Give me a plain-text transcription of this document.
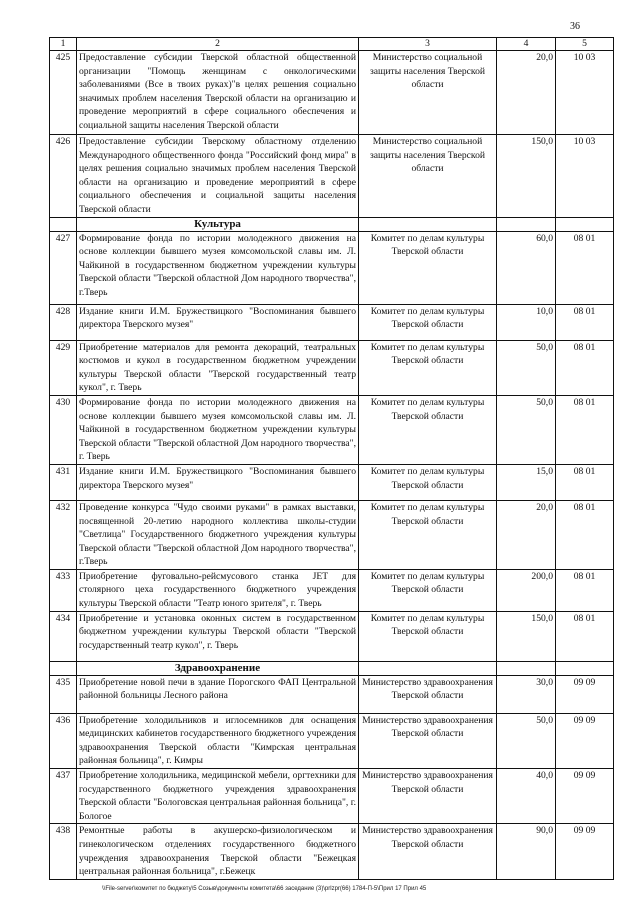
36
1	2	3	4	5
425	Предоставление субсидии Тверской областной общественной организации "Помощь женщинам с онкологическими заболеваниями (Все в твоих руках)"в целях решения социально значимых проблем населения Тверской области на организацию и проведение мероприятий в сфере социального обеспечения и социальной защиты населения Тверской области	Министерство социальной защиты населения Тверской области	20,0	10 03
426	Предоставление субсидии Тверскому областному отделению Международного общественного фонда "Российский фонд мира" в целях решения социально значимых проблем населения Тверской области на организацию и проведение мероприятий в сфере социального обеспечения и социальной защиты населения Тверской области	Министерство социальной защиты населения Тверской области	150,0	10 03
	Культура			
427	Формирование фонда по истории молодежного движения на основе коллекции бывшего музея комсомольской славы им. Л. Чайкиной в государственном бюджетном учреждении культуры Тверской области "Тверской областной Дом народного творчества", г.Тверь	Комитет по делам культуры Тверской области	60,0	08 01
428	Издание книги И.М. Бружествицкого "Воспоминания бывшего директора Тверского музея"	Комитет по делам культуры Тверской области	10,0	08 01
429	Приобретение материалов для ремонта декораций, театральных костюмов и кукол в государственном бюджетном учреждении культуры Тверской области "Тверской государственный театр кукол", г. Тверь	Комитет по делам культуры Тверской области	50,0	08 01
430	Формирование фонда по истории молодежного движения на основе коллекции бывшего музея комсомольской славы им. Л. Чайкиной в государственном бюджетном учреждении культуры Тверской области "Тверской областной Дом народного творчества", г. Тверь	Комитет по делам культуры Тверской области	50,0	08 01
431	Издание книги И.М. Бружествицкого "Воспоминания бывшего директора Тверского музея"	Комитет по делам культуры Тверской области	15,0	08 01
432	Проведение конкурса "Чудо своими руками" в рамках выставки, посвященной 20-летию народного коллектива школы-студии "Светлица" Государственного бюджетного учреждения культуры Тверской области "Тверской областной Дом народного творчества", г.Тверь	Комитет по делам культуры Тверской области	20,0	08 01
433	Приобретение фуговально-рейсмусового станка JET для столярного цеха государственного бюджетного учреждения культуры Тверской области "Театр юного зрителя", г. Тверь	Комитет по делам культуры Тверской области	200,0	08 01
434	Приобретение и установка оконных систем в государственном бюджетном учреждении культуры Тверской области "Тверской государственный театр кукол", г. Тверь	Комитет по делам культуры Тверской области	150,0	08 01
	Здравоохранение			
435	Приобретение новой печи в здание Порогского ФАП Центральной районной больницы Лесного района	Министерство здравоохранения Тверской области	30,0	09 09
436	Приобретение холодильников и иглосемников для оснащения медицинских кабинетов государственного бюджетного учреждения здравоохранения Тверской области "Кимрская центральная районная больница", г. Кимры	Министерство здравоохранения Тверской области	50,0	09 09
437	Приобретение холодильника, медицинской мебели, оргтехники для государственного бюджетного учреждения здравоохранения Тверской области "Бологовская центральная районная больница", г. Бологое	Министерство здравоохранения Тверской области	40,0	09 09
438	Ремонтные работы в акушерско-физиологическом и гинекологическом отделениях государственного бюджетного учреждения здравоохранения Тверской области "Бежецкая центральная районная больница", г.Бежецк	Министерство здравоохранения Тверской области	90,0	09 09
\\File-server\комитет по бюджету\5 Созыв\документы комитета\66 заседание (3)\prlzpr(66) 1784-П-5\Прил 17 Прил 45
